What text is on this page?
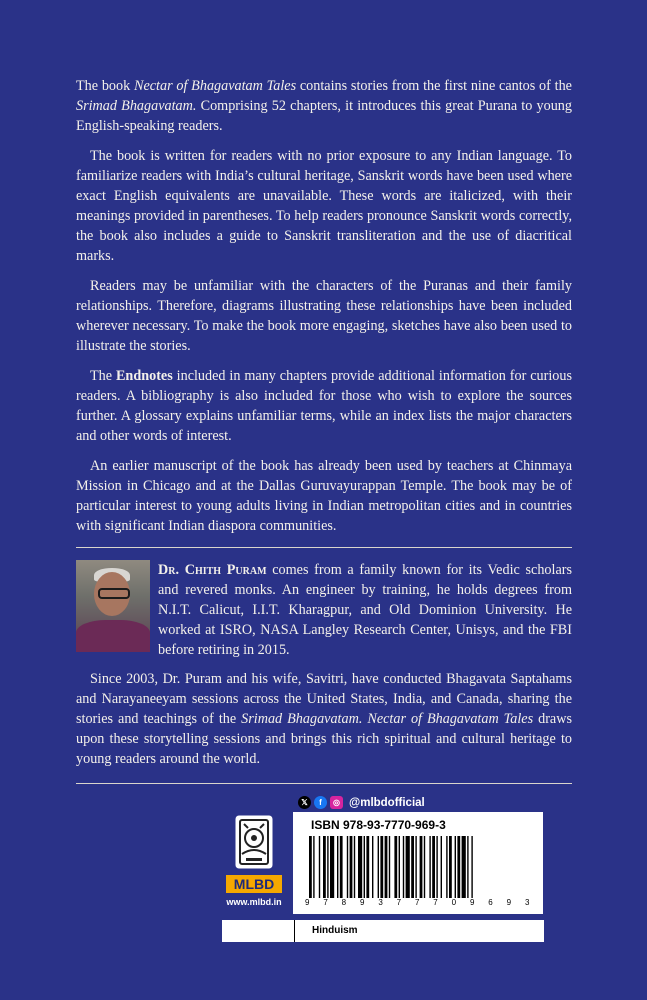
The book Nectar of Bhagavatam Tales contains stories from the first nine cantos of the Srimad Bhagavatam. Comprising 52 chapters, it introduces this great Purana to young English-speaking readers.

The book is written for readers with no prior exposure to any Indian language. To familiarize readers with India’s cultural heritage, Sanskrit words have been used where exact English equivalents are unavailable. These words are italicized, with their meanings provided in parentheses. To help readers pronounce Sanskrit words correctly, the book also includes a guide to Sanskrit transliteration and the use of diacritical marks.

Readers may be unfamiliar with the characters of the Puranas and their family relationships. Therefore, diagrams illustrating these relationships have been included wherever necessary. To make the book more engaging, sketches have also been used to illustrate the stories.

The Endnotes included in many chapters provide additional information for curious readers. A bibliography is also included for those who wish to explore the sources further. A glossary explains unfamiliar terms, while an index lists the major characters and other words of interest.

An earlier manuscript of the book has already been used by teachers at Chinmaya Mission in Chicago and at the Dallas Guruvayurappan Temple. The book may be of particular interest to young adults living in Indian metropolitan cities and in countries with significant Indian diaspora communities.

Dr. Chith Puram comes from a family known for its Vedic scholars and revered monks. An engineer by training, he holds degrees from N.I.T. Calicut, I.I.T. Kharagpur, and Old Dominion University. He worked at ISRO, NASA Langley Research Center, Unisys, and the FBI before retiring in 2015.

Since 2003, Dr. Puram and his wife, Savitri, have conducted Bhagavata Saptahams and Narayaneeyam sessions across the United States, India, and Canada, sharing the stories and teachings of the Srimad Bhagavatam. Nectar of Bhagavatam Tales draws upon these storytelling sessions and brings this rich spiritual and cultural heritage to young readers around the world.

𝕏	f	◎ @mlbdofficial
MLBD
www.mlbd.in
ISBN 978-93-7770-969-3
9 7 8 9 3 7 7 7 0 9 6 9 3
Hinduism
